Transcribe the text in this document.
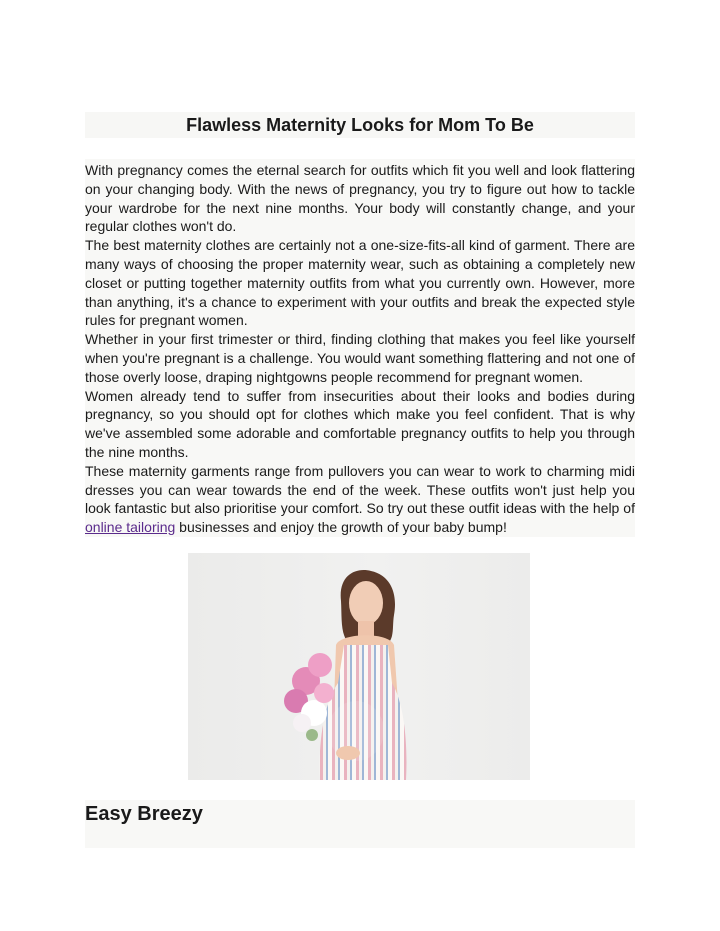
Flawless Maternity Looks for Mom To Be

With pregnancy comes the eternal search for outfits which fit you well and look flattering on your changing body. With the news of pregnancy, you try to figure out how to tackle your wardrobe for the next nine months. Your body will constantly change, and your regular clothes won't do.

The best maternity clothes are certainly not a one-size-fits-all kind of garment. There are many ways of choosing the proper maternity wear, such as obtaining a completely new closet or putting together maternity outfits from what you currently own. However, more than anything, it's a chance to experiment with your outfits and break the expected style rules for pregnant women.

Whether in your first trimester or third, finding clothing that makes you feel like yourself when you're pregnant is a challenge. You would want something flattering and not one of those overly loose, draping nightgowns people recommend for pregnant women.

Women already tend to suffer from insecurities about their looks and bodies during pregnancy, so you should opt for clothes which make you feel confident. That is why we've assembled some adorable and comfortable pregnancy outfits to help you through the nine months.

These maternity garments range from pullovers you can wear to work to charming midi dresses you can wear towards the end of the week. These outfits won't just help you look fantastic but also prioritise your comfort. So try out these outfit ideas with the help of online tailoring businesses and enjoy the growth of your baby bump!

Easy Breezy
